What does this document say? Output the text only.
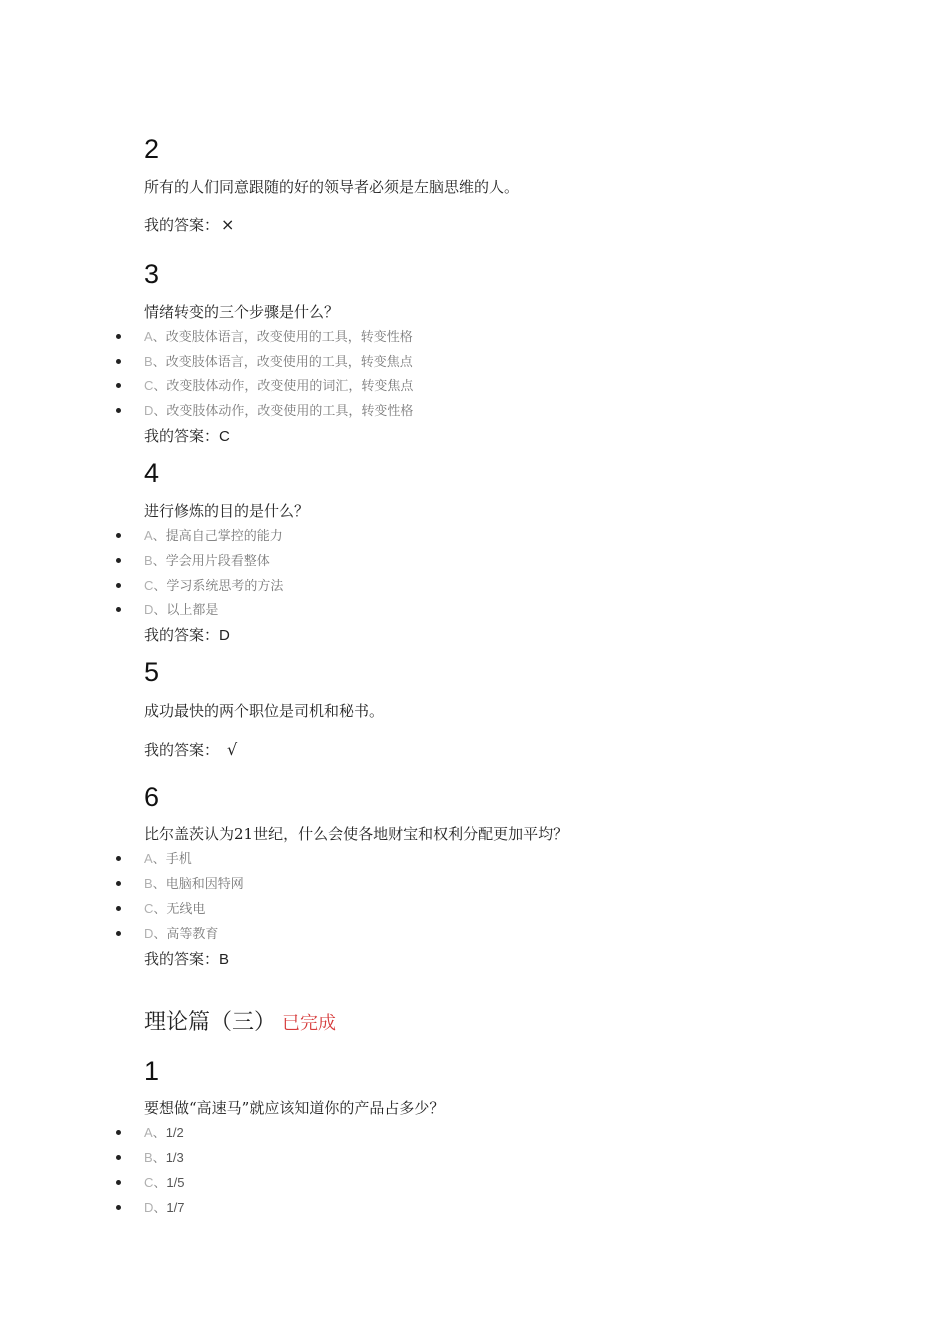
2
所有的人们同意跟随的好的领导者必须是左脑思维的人。
我的答案： ×
3
情绪转变的三个步骤是什么？
A、改变肢体语言，改变使用的工具，转变性格
B、改变肢体语言，改变使用的工具，转变焦点
C、改变肢体动作，改变使用的词汇，转变焦点
D、改变肢体动作，改变使用的工具，转变性格
我的答案：C
4
进行修炼的目的是什么？
A、提高自己掌控的能力
B、学会用片段看整体
C、学习系统思考的方法
D、以上都是
我的答案：D
5
成功最快的两个职位是司机和秘书。
我的答案： √
6
比尔盖茨认为21世纪，什么会使各地财宝和权利分配更加平均？
A、手机
B、电脑和因特网
C、无线电
D、高等教育
我的答案：B
理论篇（三） 已完成
1
要想做“高速马”就应该知道你的产品占多少？
A、1/2
B、1/3
C、1/5
D、1/7
